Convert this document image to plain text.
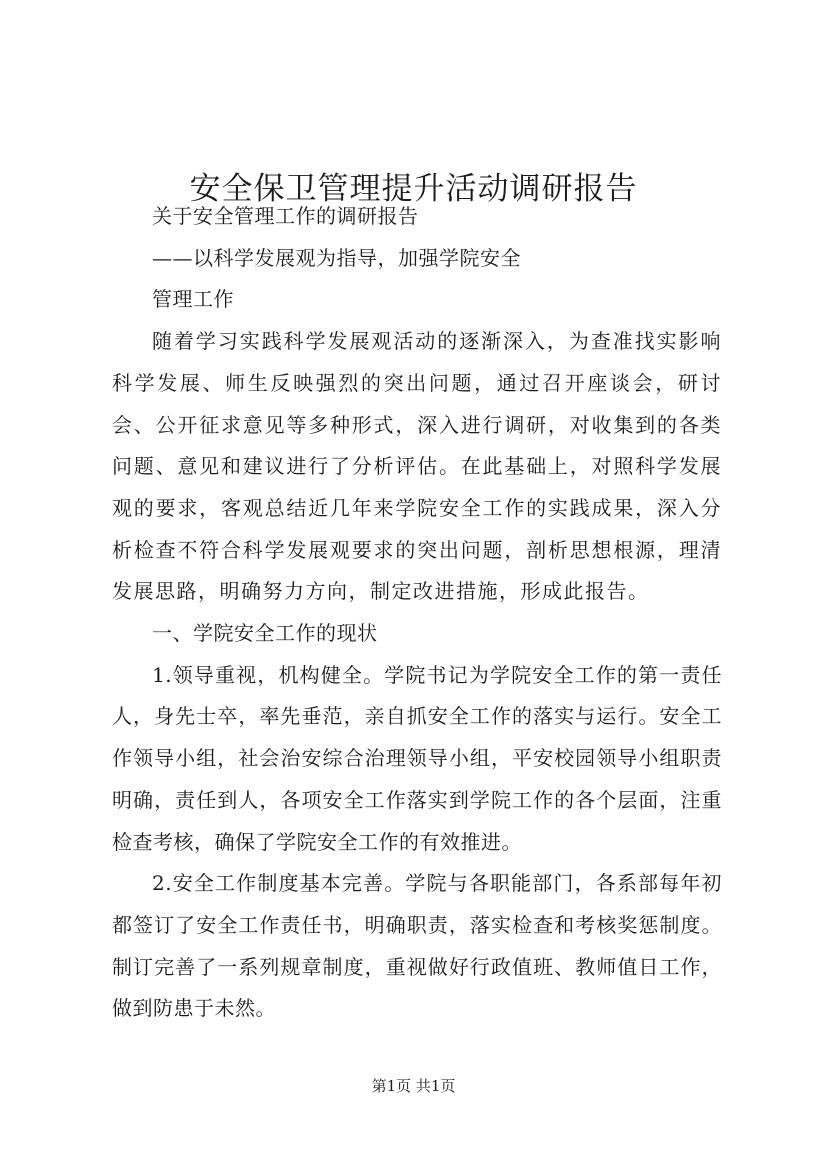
安全保卫管理提升活动调研报告

关于安全管理工作的调研报告

——以科学发展观为指导，加强学院安全

管理工作

随着学习实践科学发展观活动的逐渐深入，为查准找实影响科学发展、师生反映强烈的突出问题，通过召开座谈会，研讨会、公开征求意见等多种形式，深入进行调研，对收集到的各类问题、意见和建议进行了分析评估。在此基础上，对照科学发展观的要求，客观总结近几年来学院安全工作的实践成果，深入分析检查不符合科学发展观要求的突出问题，剖析思想根源，理清发展思路，明确努力方向，制定改进措施，形成此报告。

一、学院安全工作的现状

1.领导重视，机构健全。学院书记为学院安全工作的第一责任人，身先士卒，率先垂范，亲自抓安全工作的落实与运行。安全工作领导小组，社会治安综合治理领导小组，平安校园领导小组职责明确，责任到人，各项安全工作落实到学院工作的各个层面，注重检查考核，确保了学院安全工作的有效推进。

2.安全工作制度基本完善。学院与各职能部门，各系部每年初都签订了安全工作责任书，明确职责，落实检查和考核奖惩制度。制订完善了一系列规章制度，重视做好行政值班、教师值日工作，做到防患于未然。

第1页 共1页
